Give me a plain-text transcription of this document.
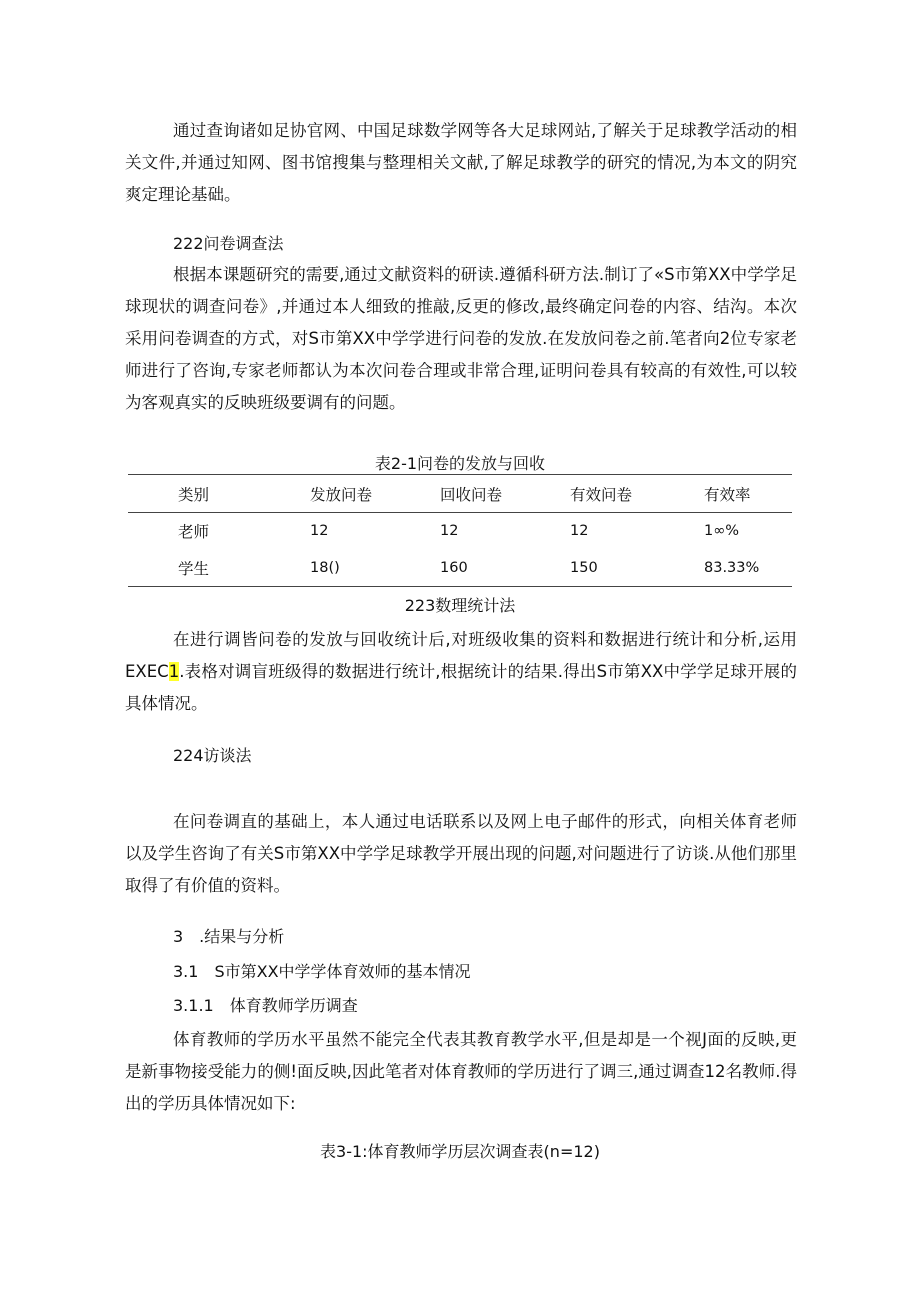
通过查询诸如足协官网、中国足球数学网等各大足球网站,了解关于足球教学活动的相关文件,并通过知网、图书馆搜集与整理相关文献,了解足球教学的研究的情况,为本文的阴究爽定理论基础。

222问卷调查法

根据本课题研究的需要,通过文献资料的研读.遵循科研方法.制订了«S市第XX中学学足球现状的调查问卷》,并通过本人细致的推敲,反更的修改,最终确定问卷的内容、结沟。本次采用问卷调查的方式，对S市第XX中学学进行问卷的发放.在发放问卷之前.笔者向2位专家老师进行了咨询,专家老师都认为本次问卷合理或非常合理,证明问卷具有较高的有效性,可以较为客观真实的反映班级要调有的问题。

表2-1问卷的发放与回收

类别	发放问卷	回收问卷	有效问卷	有效率
老师	12	12	12	1∞%
学生	18()	160	150	83.33%

223数理统计法

在进行调皆问卷的发放与回收统计后,对班级收集的资料和数据进行统计和分析,运用EXEC1.表格对调盲班级得的数据进行统计,根据统计的结果.得出S市第XX中学学足球开展的具体情况。

224访谈法

在问卷调直的基础上，本人通过电话联系以及网上电子邮件的形式，向相关体育老师以及学生咨询了有关S市第XX中学学足球教学开展出现的问题,对问题进行了访谈.从他们那里取得了有价值的资料。

3　.结果与分析

3.1　S市第XX中学学体育效师的基本情况

3.1.1　体育教师学历调查

体育教师的学历水平虽然不能完全代表其教育教学水平,但是却是一个视J面的反映,更是新事物接受能力的侧!面反映,因此笔者对体育教师的学历进行了调三,通过调查12名教师.得出的学历具体情况如下:

表3-1:体育教师学历层次调查表(n=12)
